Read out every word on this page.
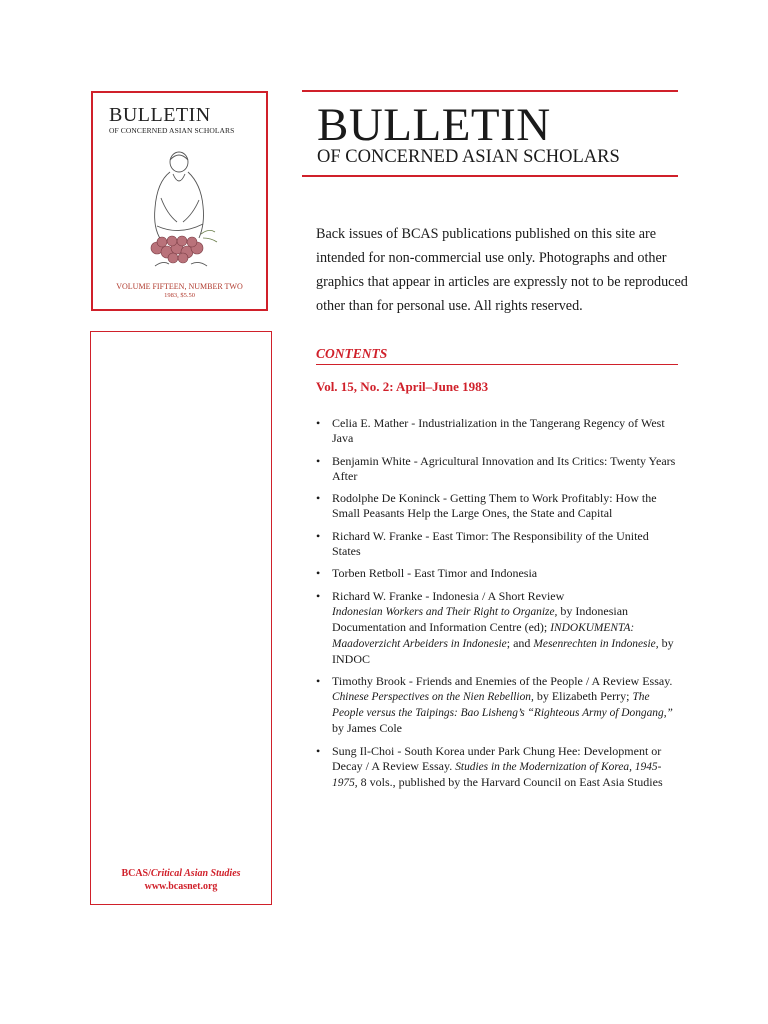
BULLETIN
OF CONCERNED ASIAN SCHOLARS
VOLUME FIFTEEN, NUMBER TWO
1983, $5.50
BCAS/Critical Asian Studies
www.bcasnet.org
BULLETIN
OF CONCERNED ASIAN SCHOLARS
Back issues of BCAS publications published on this site are intended for non-commercial use only. Photographs and other graphics that appear in articles are expressly not to be reproduced other than for personal use. All rights reserved.
CONTENTS
Vol. 15, No. 2: April–June 1983
• Celia E. Mather - Industrialization in the Tangerang Regency of West Java
• Benjamin White - Agricultural Innovation and Its Critics: Twenty Years After
• Rodolphe De Koninck - Getting Them to Work Profitably: How the Small Peasants Help the Large Ones, the State and Capital
• Richard W. Franke - East Timor: The Responsibility of the United States
• Torben Retboll - East Timor and Indonesia
• Richard W. Franke - Indonesia / A Short Review
Indonesian Workers and Their Right to Organize, by Indonesian Documentation and Information Centre (ed); INDOKUMENTA: Maadoverzicht Arbeiders in Indonesie; and Mesenrechten in Indonesie, by INDOC
• Timothy Brook - Friends and Enemies of the People / A Review Essay. Chinese Perspectives on the Nien Rebellion, by Elizabeth Perry; The People versus the Taipings: Bao Lisheng’s “Righteous Army of Dongang,” by James Cole
• Sung Il-Choi - South Korea under Park Chung Hee: Development or Decay / A Review Essay. Studies in the Modernization of Korea, 1945-1975, 8 vols., published by the Harvard Council on East Asia Studies
